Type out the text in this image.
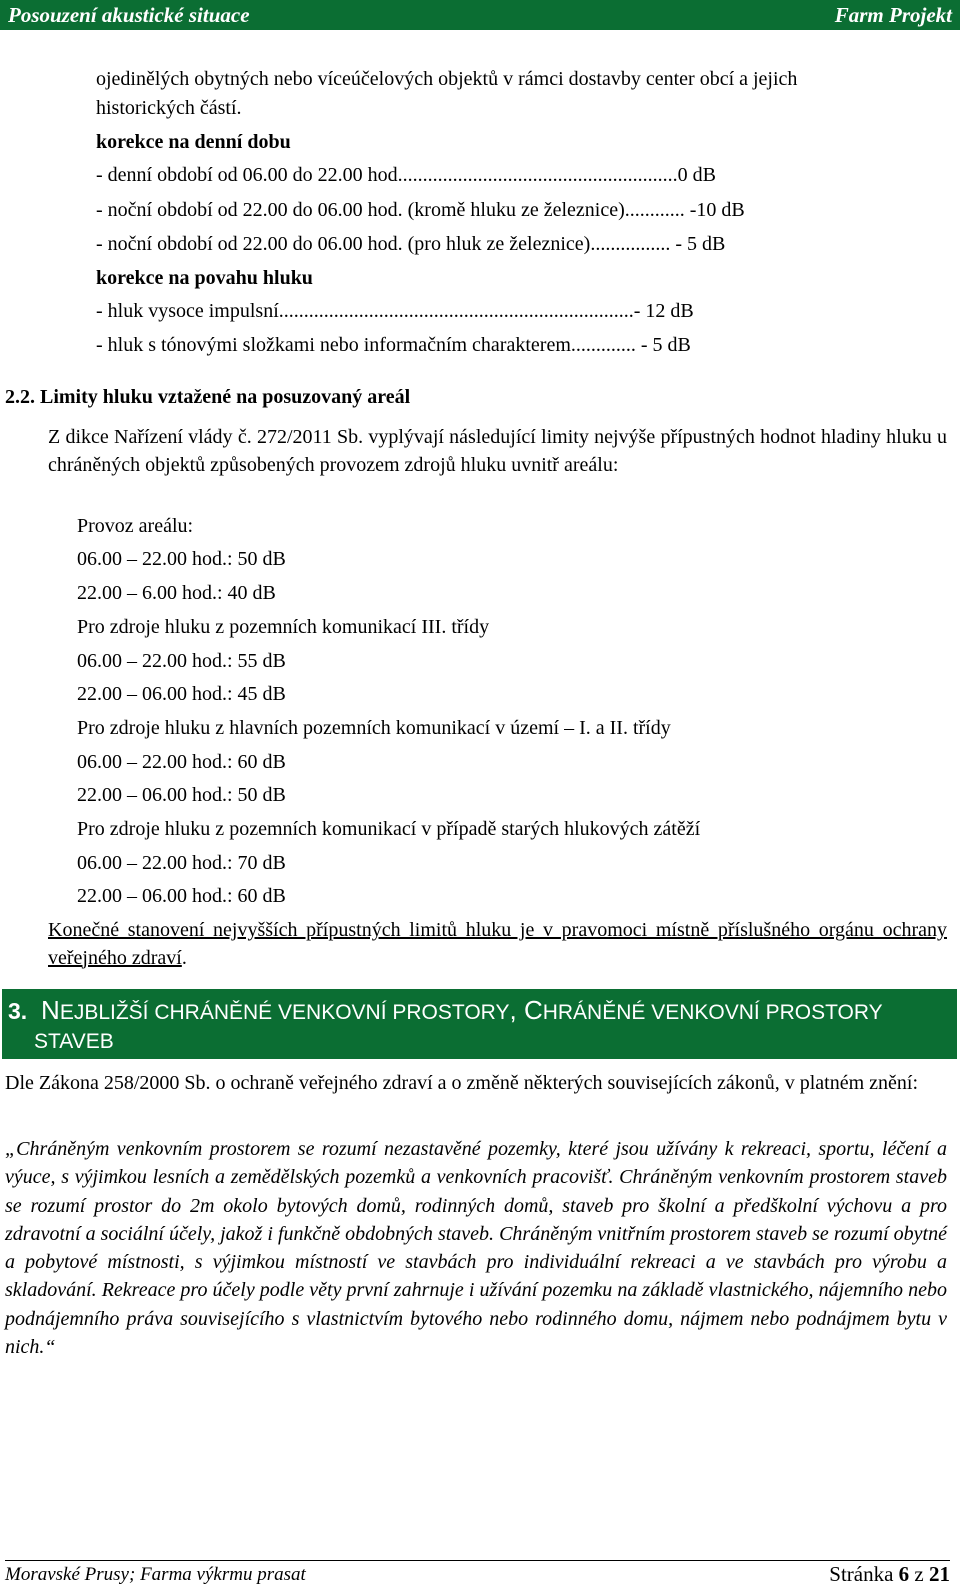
Posouzení akustické situace	Farm Projekt
ojedinělých obytných nebo víceúčelových objektů v rámci dostavby center obcí a jejich
historických částí.
korekce na denní dobu
- denní období od 06.00 do 22.00 hod........................................................0 dB
- noční období od 22.00 do 06.00 hod. (kromě hluku ze železnice)............ -10 dB
- noční období od 22.00 do 06.00 hod. (pro hluk ze železnice)................ - 5 dB
korekce na povahu hluku
- hluk vysoce impulsní.......................................................................- 12 dB
- hluk s tónovými složkami nebo informačním charakterem............. - 5 dB
2.2. Limity hluku vztažené na posuzovaný areál
Z dikce Nařízení vlády č. 272/2011 Sb. vyplývají následující limity nejvýše přípustných hodnot hladiny hluku u chráněných objektů způsobených provozem zdrojů hluku uvnitř areálu:
Provoz areálu:
06.00 – 22.00 hod.: 50 dB
22.00 – 6.00 hod.: 40 dB
Pro zdroje hluku z pozemních komunikací III. třídy
06.00 – 22.00 hod.: 55 dB
22.00 – 06.00 hod.: 45 dB
Pro zdroje hluku z hlavních pozemních komunikací v území – I. a II. třídy
06.00 – 22.00 hod.: 60 dB
22.00 – 06.00 hod.: 50 dB
Pro zdroje hluku z pozemních komunikací v případě starých hlukových zátěží
06.00 – 22.00 hod.: 70 dB
22.00 – 06.00 hod.: 60 dB
Konečné stanovení nejvyšších přípustných limitů hluku je v pravomoci místně příslušného orgánu ochrany veřejného zdraví.
3. NEJBLIŽŠÍ CHRÁNĚNÉ VENKOVNÍ PROSTORY, CHRÁNĚNÉ VENKOVNÍ PROSTORY
STAVEB
Dle Zákona 258/2000 Sb. o ochraně veřejného zdraví a o změně některých souvisejících zákonů, v platném znění:
„Chráněným venkovním prostorem se rozumí nezastavěné pozemky, které jsou užívány k rekreaci, sportu, léčení a výuce, s výjimkou lesních a zemědělských pozemků a venkovních pracovišť. Chráněným venkovním prostorem staveb se rozumí prostor do 2m okolo bytových domů, rodinných domů, staveb pro školní a předškolní výchovu a pro zdravotní a sociální účely, jakož i funkčně obdobných staveb. Chráněným vnitřním prostorem staveb se rozumí obytné a pobytové místnosti, s výjimkou místností ve stavbách pro individuální rekreaci a ve stavbách pro výrobu a skladování. Rekreace pro účely podle věty první zahrnuje i užívání pozemku na základě vlastnického, nájemního nebo podnájemního práva souvisejícího s vlastnictvím bytového nebo rodinného domu, nájmem nebo podnájmem bytu v nich.“
Moravské Prusy; Farma výkrmu prasat	Stránka 6 z 21
